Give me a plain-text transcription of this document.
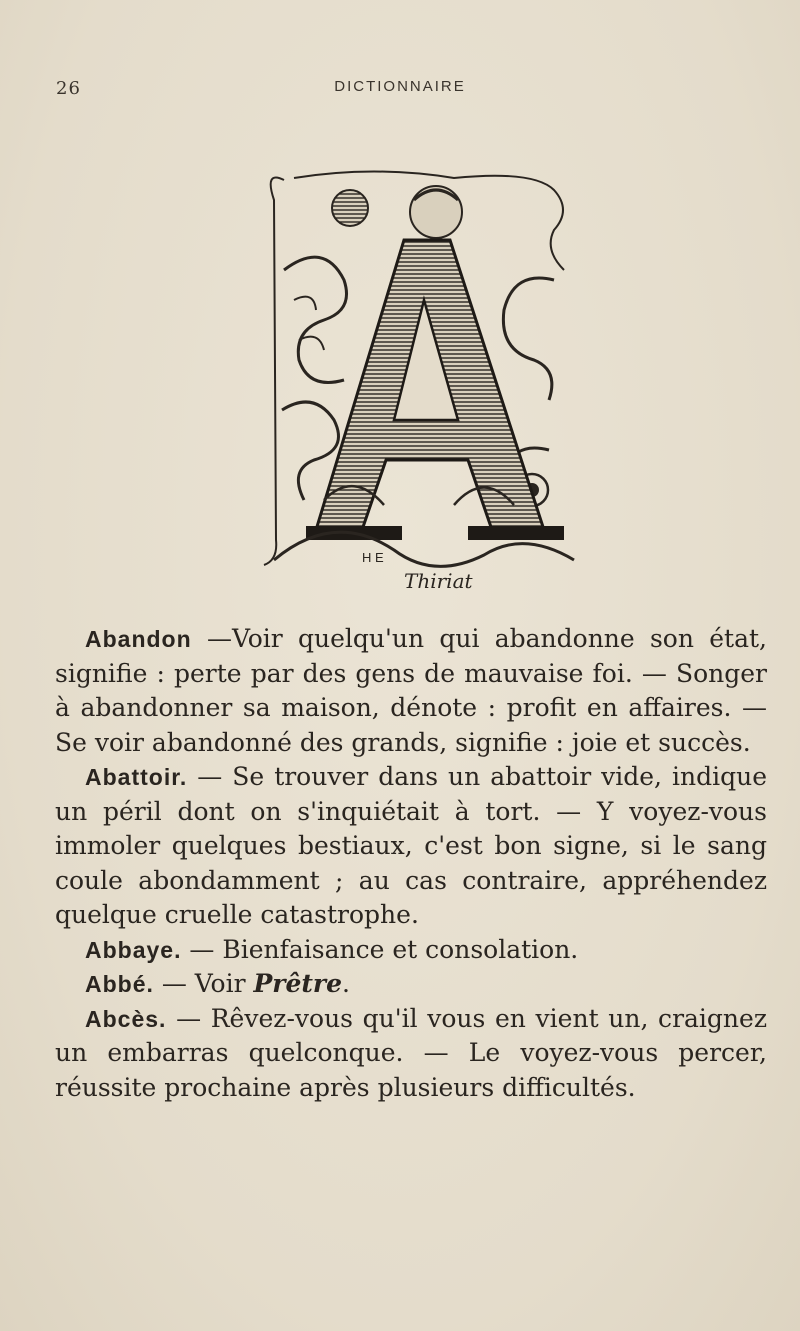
26	DICTIONNAIRE
H E
Thiriat

Abandon —Voir quelqu'un qui abandonne son état, signifie : perte par des gens de mauvaise foi. — Songer à abandonner sa maison, dénote : profit en affaires. — Se voir abandonné des grands, signifie : joie et succès.

Abattoir. — Se trouver dans un abattoir vide, indique un péril dont on s'inquiétait à tort. — Y voyez-vous immoler quelques bestiaux, c'est bon signe, si le sang coule abondamment ; au cas contraire, appréhendez quelque cruelle catastrophe.

Abbaye. — Bienfaisance et consolation.

Abbé. — Voir Prêtre.

Abcès. — Rêvez-vous qu'il vous en vient un, craignez un embarras quelconque. — Le voyez-vous percer, réussite prochaine après plusieurs difficultés.
